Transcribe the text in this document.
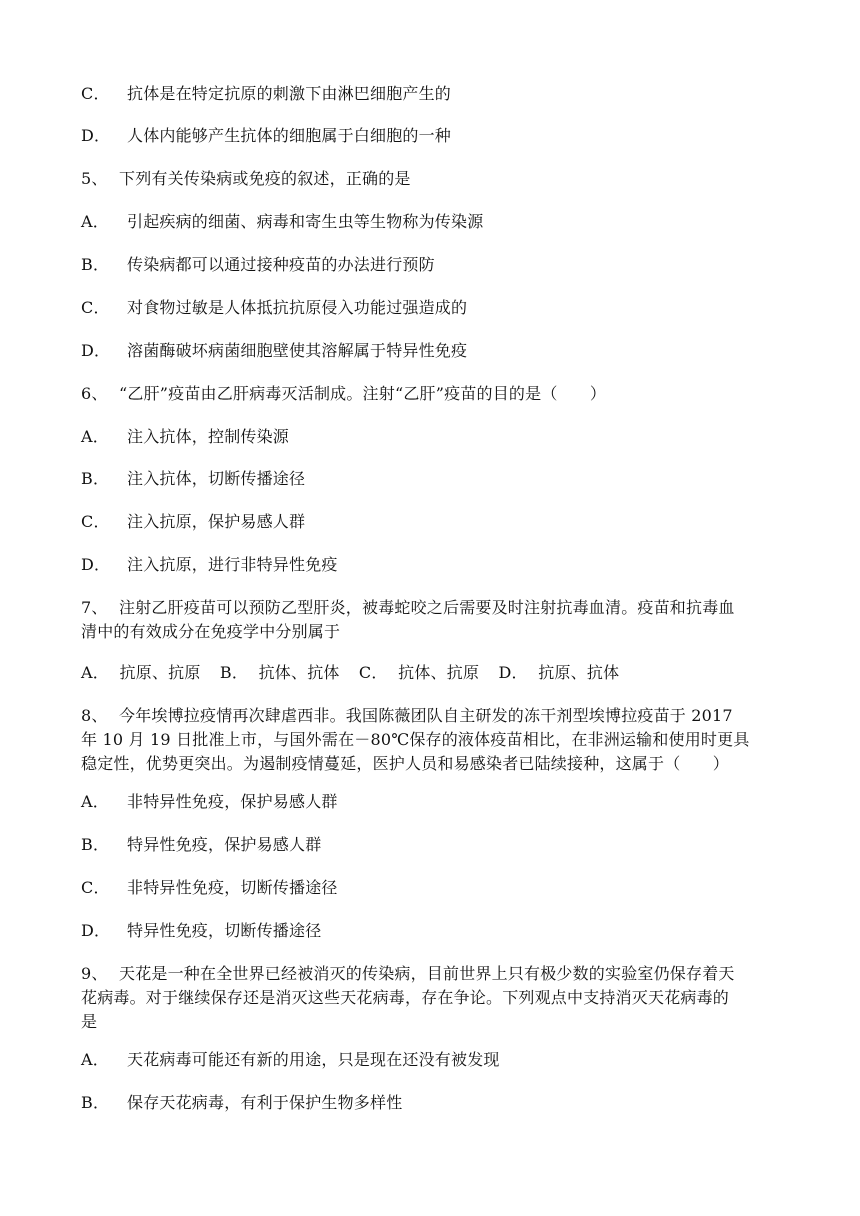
C． 抗体是在特定抗原的刺激下由淋巴细胞产生的
D． 人体内能够产生抗体的细胞属于白细胞的一种
5、 下列有关传染病或免疫的叙述，正确的是
A． 引起疾病的细菌、病毒和寄生虫等生物称为传染源
B． 传染病都可以通过接种疫苗的办法进行预防
C． 对食物过敏是人体抵抗抗原侵入功能过强造成的
D． 溶菌酶破坏病菌细胞壁使其溶解属于特异性免疫
6、 “乙肝”疫苗由乙肝病毒灭活制成。注射“乙肝”疫苗的目的是（　　）
A． 注入抗体，控制传染源
B． 注入抗体，切断传播途径
C． 注入抗原，保护易感人群
D． 注入抗原，进行非特异性免疫
7、 注射乙肝疫苗可以预防乙型肝炎，被毒蛇咬之后需要及时注射抗毒血清。疫苗和抗毒血
清中的有效成分在免疫学中分别属于
A． 抗原、抗原 B． 抗体、抗体 C． 抗体、抗原 D． 抗原、抗体
8、 今年埃博拉疫情再次肆虐西非。我国陈薇团队自主研发的冻干剂型埃博拉疫苗于 2017
年 10 月 19 日批准上市，与国外需在－80℃保存的液体疫苗相比，在非洲运输和使用时更具
稳定性，优势更突出。为遏制疫情蔓延，医护人员和易感染者已陆续接种，这属于（　　）
A． 非特异性免疫，保护易感人群
B． 特异性免疫，保护易感人群
C． 非特异性免疫，切断传播途径
D． 特异性免疫，切断传播途径
9、 天花是一种在全世界已经被消灭的传染病，目前世界上只有极少数的实验室仍保存着天
花病毒。对于继续保存还是消灭这些天花病毒，存在争论。下列观点中支持消灭天花病毒的
是
A． 天花病毒可能还有新的用途，只是现在还没有被发现
B． 保存天花病毒，有利于保护生物多样性
